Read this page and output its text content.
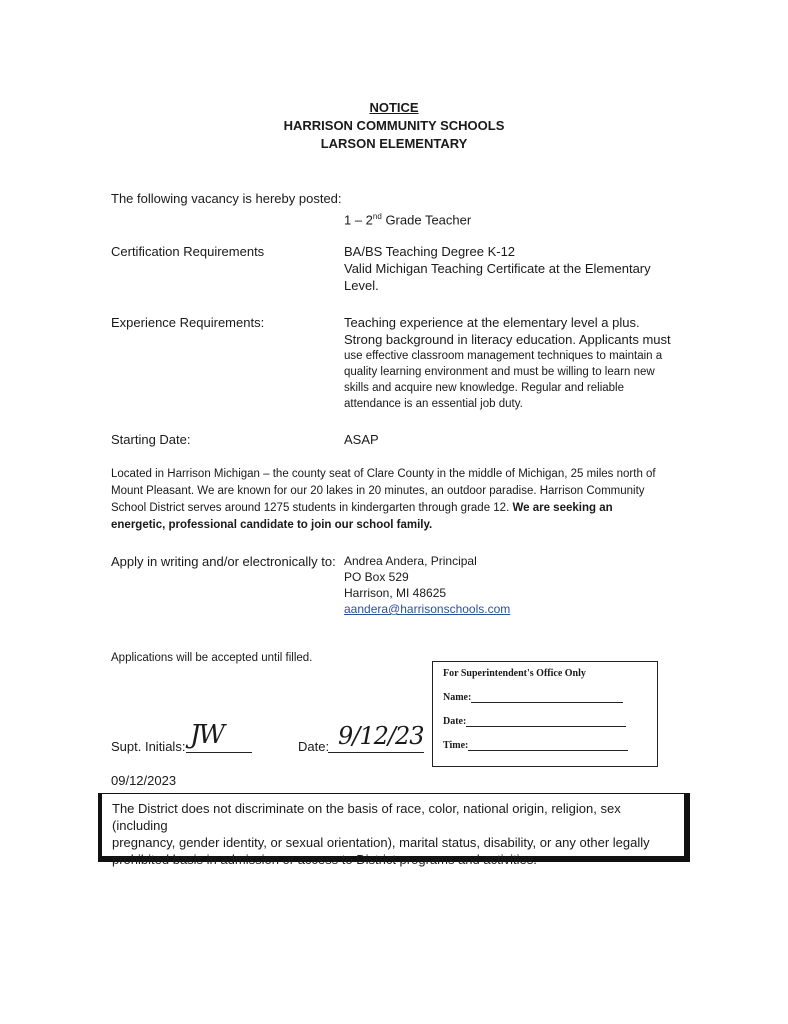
NOTICE
HARRISON COMMUNITY SCHOOLS
LARSON ELEMENTARY
The following vacancy is hereby posted:
1 – 2nd Grade Teacher
Certification Requirements	BA/BS Teaching Degree K-12
Valid Michigan Teaching Certificate at the Elementary
Level.
Experience Requirements:	Teaching experience at the elementary level a plus.
Strong background in literacy education. Applicants must
use effective classroom management techniques to maintain a
quality learning environment and must be willing to learn new
skills and acquire new knowledge. Regular and reliable
attendance is an essential job duty.
Starting Date:	ASAP
Located in Harrison Michigan – the county seat of Clare County in the middle of Michigan, 25 miles north of
Mount Pleasant. We are known for our 20 lakes in 20 minutes, an outdoor paradise. Harrison Community
School District serves around 1275 students in kindergarten through grade 12. We are seeking an
energetic, professional candidate to join our school family.
Apply in writing and/or electronically to: Andrea Andera, Principal
PO Box 529
Harrison, MI 48625
aandera@harrisonschools.com
Applications will be accepted until filled.
For Superintendent's Office Only
Name:
Date:
Time:
Supt. Initials: JW	Date: 9/12/23
09/12/2023

The District does not discriminate on the basis of race, color, national origin, religion, sex (including
pregnancy, gender identity, or sexual orientation), marital status, disability, or any other legally
prohibited basis in admission or access to District programs and activities.
